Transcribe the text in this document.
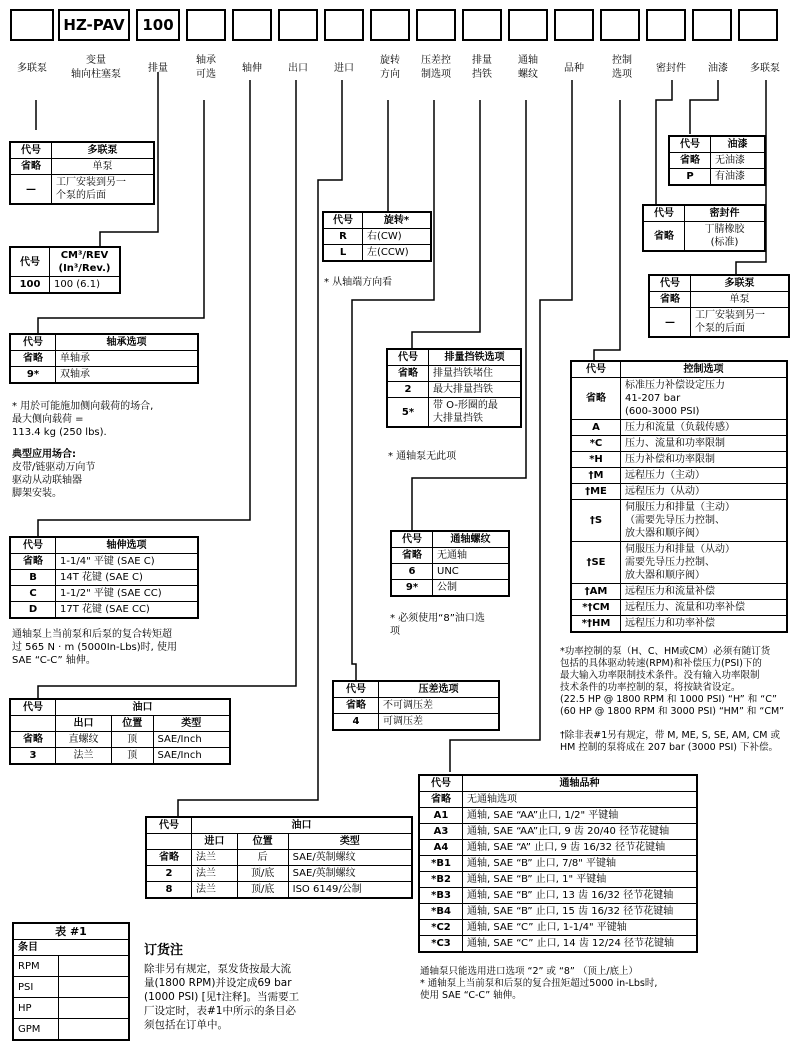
HZ-PAV	100
多联泵
变量
轴向柱塞泵
排量
轴承
可选
轴伸	出口	进口
旋转
方向
压差控
制选项
排量
挡铁
通轴
螺纹
品种
控制
选项
密封件	油漆	多联泵
代号	多联泵
省略	单泵
—	工厂安装到另一
个泵的后面
代号	CM³/REV
(In³/Rev.)
100	100 (6.1)
代号	轴承选项
省略	单轴承
9*	双轴承
* 用於可能施加侧向载荷的场合,
最大侧向载荷 =
113.4 kg (250 lbs).
典型应用场合:
皮带/链驱动万向节
驱动从动联轴器
脚架安装。
代号	轴伸选项
省略	1-1/4" 平键 (SAE C)
B	14T 花键 (SAE C)
C	1-1/2" 平键 (SAE CC)
D	17T 花键 (SAE CC)
通轴泵上当前泵和后泵的复合转矩超
过 565 N · m (5000In-Lbs)时, 使用
SAE “C-C” 轴伸。
代号	油口		
	出口	位置	类型
省略	直螺纹	顶	SAE/Inch
3	法兰	顶	SAE/Inch
代号	油口		
	进口	位置	类型
省略	法兰	后	SAE/英制螺纹
2	法兰	顶/底	SAE/英制螺纹
8	法兰	顶/底	ISO 6149/公制
代号	旋转*
R	右(CW)
L	左(CCW)
* 从轴端方向看
代号	排量挡铁选项
省略	排量挡铁堵住
2	最大排量挡铁
5*	带 O-形圈的最
大排量挡铁
* 通轴泵无此项
代号	通轴螺纹
省略	无通轴
6	UNC
9*	公制
* 必须使用“8”油口选
项
代号	压差选项
省略	不可调压差
4	可调压差
代号	油漆
省略	无油漆
P	有油漆
代号	密封件
省略	丁腈橡胶
(标准)
代号	多联泵
省略	单泵
—	工厂安装到另一
个泵的后面
代号	控制选项
省略	标准压力补偿设定压力
41-207 bar
(600-3000 PSI)
A	压力和流量（负载传感）
*C	压力、流量和功率限制
*H	压力补偿和功率限制
†M	远程压力（主动）
†ME	远程压力（从动）
†S	伺服压力和排量（主动）
（需要先导压力控制、
放大器和顺序阀）
†SE	伺服压力和排量（从动）
需要先导压力控制、
放大器和顺序阀）
†AM	远程压力和流量补偿
*†CM	远程压力、流量和功率补偿
*†HM	远程压力和功率补偿
*功率控制的泵（H、C、HM或CM）必须有随订货
包括的具体驱动转速(RPM)和补偿压力(PSI)下的
最大输入功率限制技术条件。没有输入功率限制
技术条件的功率控制的泵，将按缺省设定。
(22.5 HP @ 1800 RPM 和 1000 PSI) “H” 和 “C”
(60 HP @ 1800 RPM 和 3000 PSI) “HM” 和 “CM”
†除非表#1另有规定，带 M, ME, S, SE, AM, CM 或
HM 控制的泵将成在 207 bar (3000 PSI) 下补偿。
代号	通轴品种
省略	无通轴选项
A1	通轴, SAE “AA”止口, 1/2" 平键轴
A3	通轴, SAE “AA”止口, 9 齿 20/40 径节花键轴
A4	通轴, SAE “A” 止口, 9 齿 16/32 径节花键轴
*B1	通轴, SAE “B” 止口, 7/8" 平键轴
*B2	通轴, SAE “B” 止口, 1" 平键轴
*B3	通轴, SAE “B” 止口, 13 齿 16/32 径节花键轴
*B4	通轴, SAE “B” 止口, 15 齿 16/32 径节花键轴
*C2	通轴, SAE “C” 止口, 1-1/4" 平键轴
*C3	通轴, SAE “C” 止口, 14 齿 12/24 径节花键轴
通轴泵只能选用进口选项 “2” 或 “8” （顶上/底上）
* 通轴泵上当前泵和后泵的复合扭矩超过5000 in-Lbs时,
使用 SAE “C-C” 轴伸。
表 #1	
条目	
RPM	
PSI	
HP	
GPM	
订货注
除非另有规定，泵发货按最大流
量(1800 RPM)并设定成69 bar
(1000 PSI) [见†注释]。当需要工
厂设定时，表#1中所示的条目必
须包括在订单中。
